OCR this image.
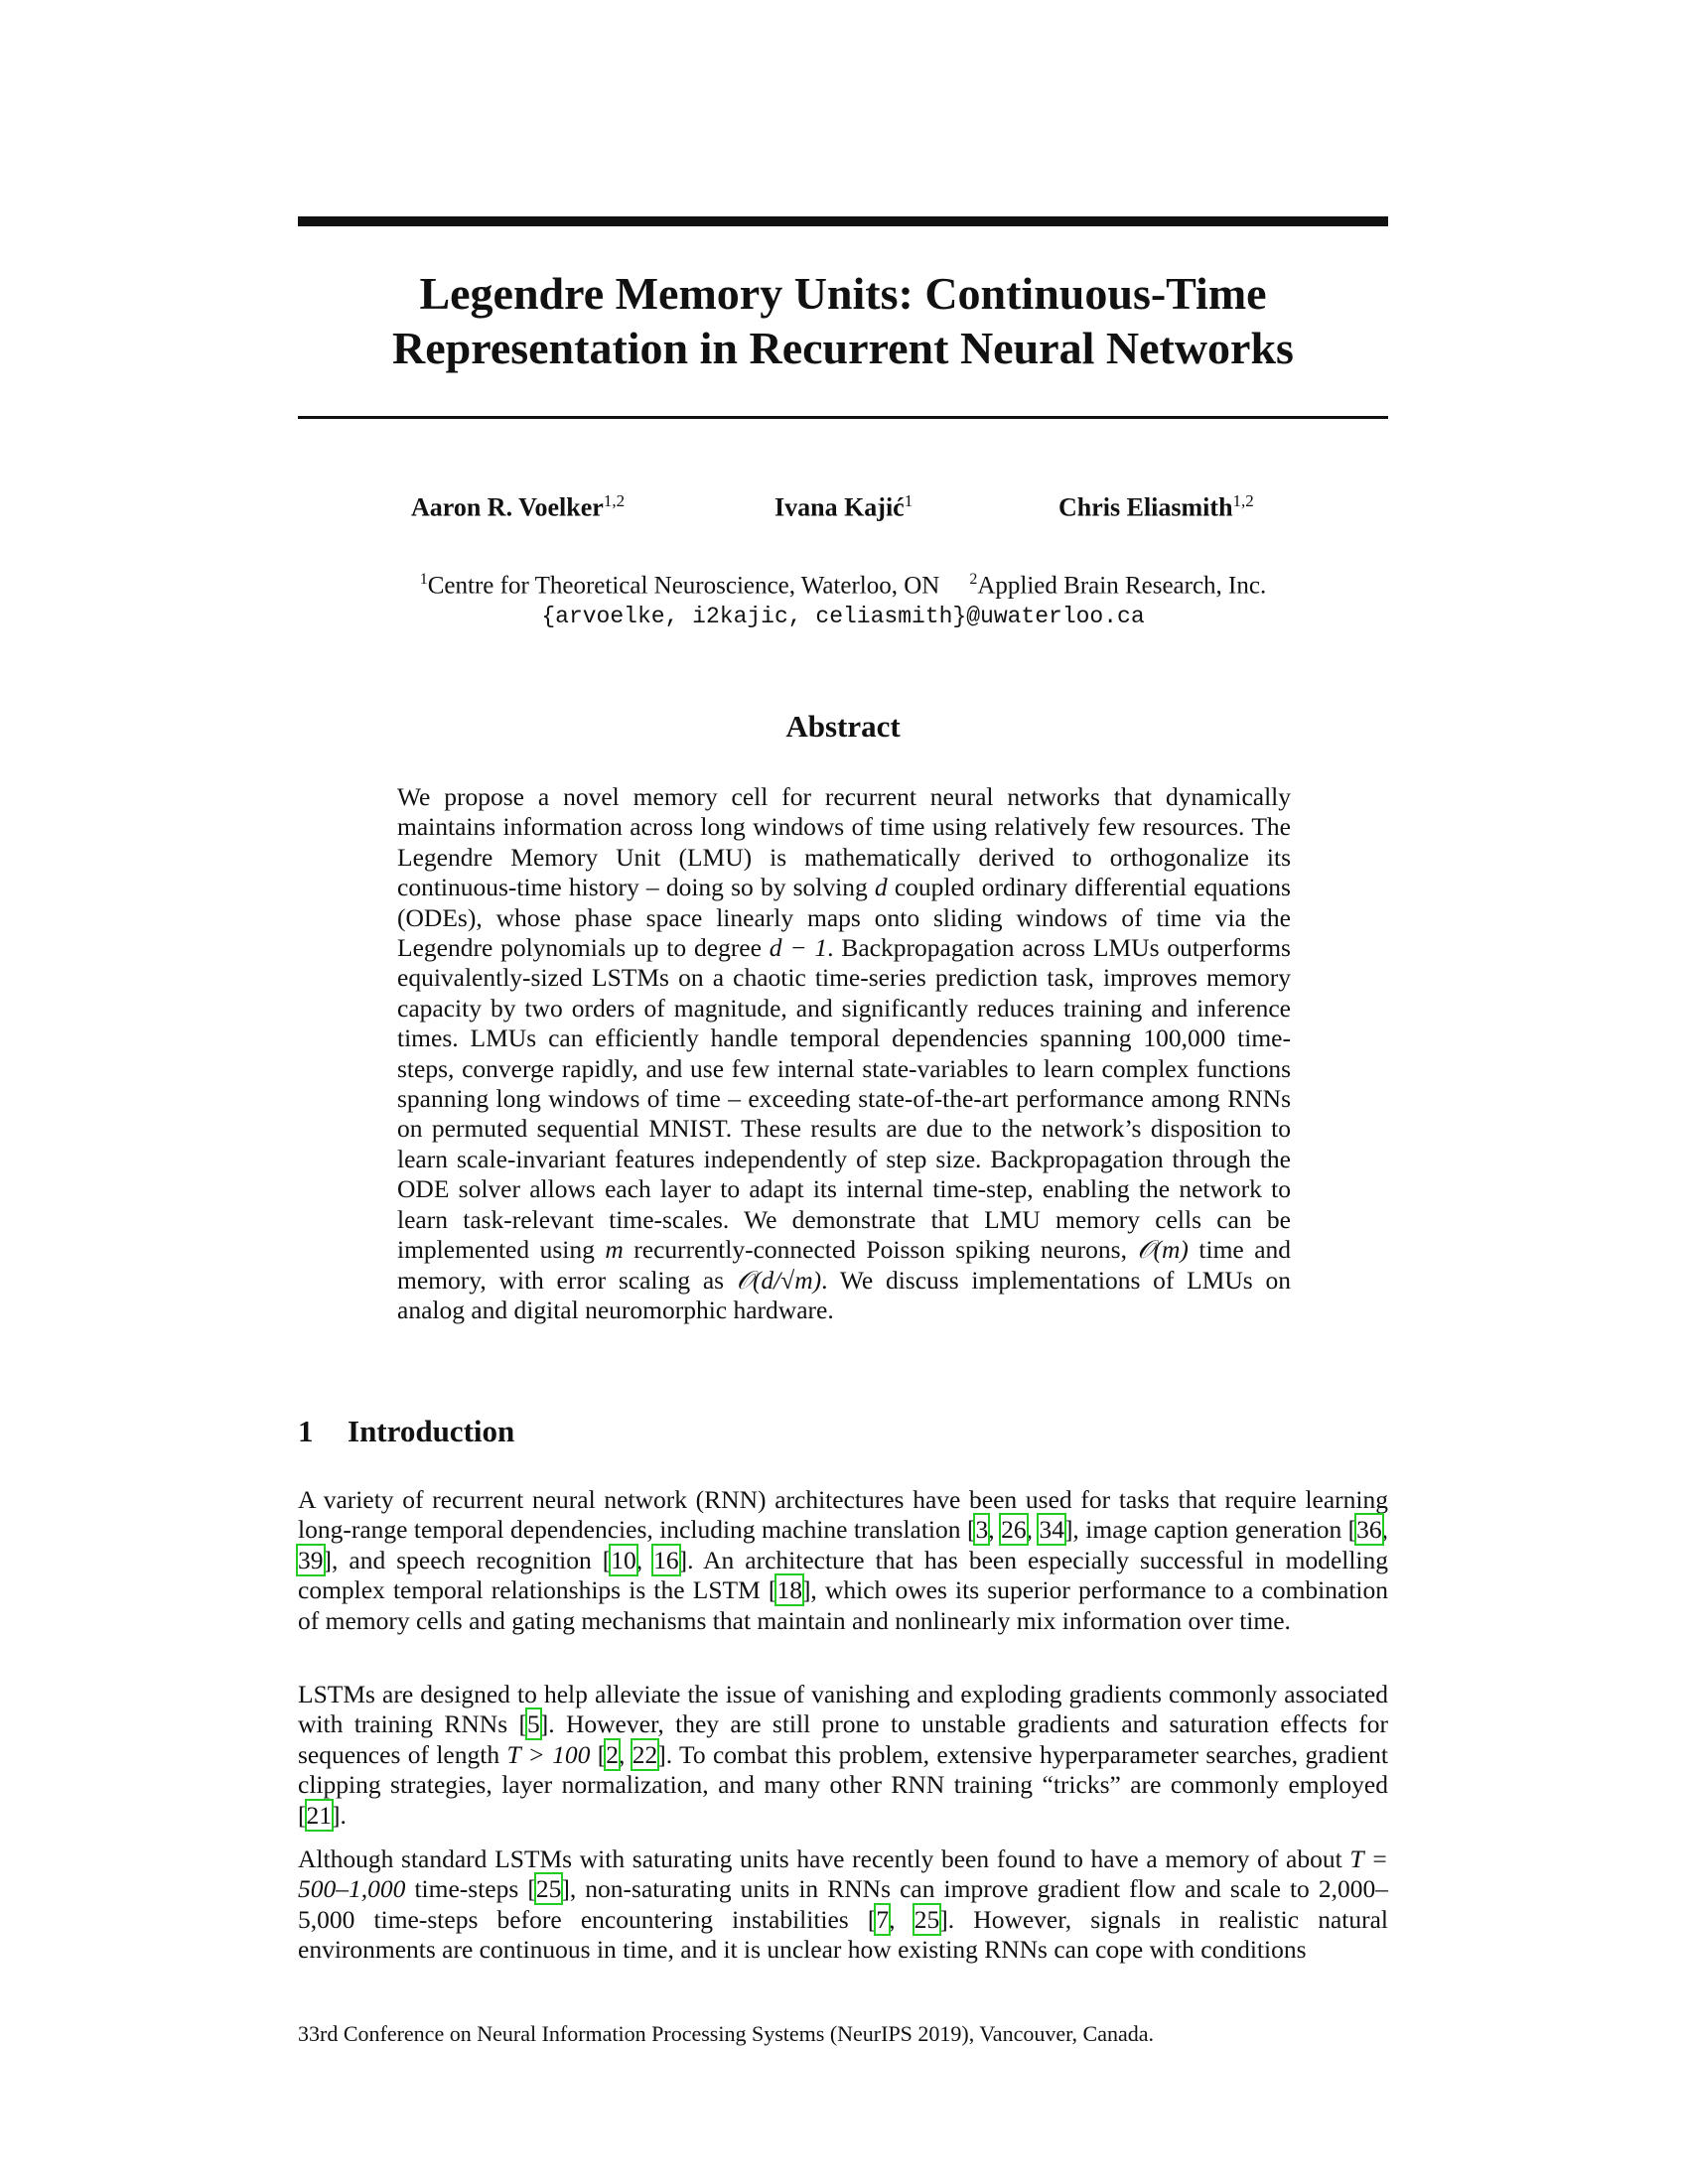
Legendre Memory Units: Continuous-Time
Representation in Recurrent Neural Networks
Aaron R. Voelker$^{1,2}$	Ivana Kajić$^1$	Chris Eliasmith$^{1,2}$
$^1$Centre for Theoretical Neuroscience, Waterloo, ON $^2$Applied Brain Research, Inc.
{arvoelke, i2kajic, celiasmith}@uwaterloo.ca
Abstract
We propose a novel memory cell for recurrent neural networks that dynamically maintains information across long windows of time using relatively few resources. The Legendre Memory Unit (LMU) is mathematically derived to orthogonalize its continuous-time history – doing so by solving d coupled ordinary differential equations (ODEs), whose phase space linearly maps onto sliding windows of time via the Legendre polynomials up to degree d − 1. Backpropagation across LMUs outperforms equivalently-sized LSTMs on a chaotic time-series prediction task, improves memory capacity by two orders of magnitude, and significantly reduces training and inference times. LMUs can efficiently handle temporal dependencies spanning 100,000 time-steps, converge rapidly, and use few internal state-variables to learn complex functions spanning long windows of time – exceeding state-of-the-art performance among RNNs on permuted sequential MNIST. These results are due to the network’s disposition to learn scale-invariant features independently of step size. Backpropagation through the ODE solver allows each layer to adapt its internal time-step, enabling the network to learn task-relevant time-scales. We demonstrate that LMU memory cells can be implemented using m recurrently-connected Poisson spiking neurons, 𝒪(m) time and memory, with error scaling as 𝒪(d/√m). We discuss implementations of LMUs on analog and digital neuromorphic hardware.
1 Introduction

A variety of recurrent neural network (RNN) architectures have been used for tasks that require learning long-range temporal dependencies, including machine translation [3, 26, 34], image caption generation [36, 39], and speech recognition [10, 16]. An architecture that has been especially successful in modelling complex temporal relationships is the LSTM [18], which owes its superior performance to a combination of memory cells and gating mechanisms that maintain and nonlinearly mix information over time.

LSTMs are designed to help alleviate the issue of vanishing and exploding gradients commonly associated with training RNNs [5]. However, they are still prone to unstable gradients and saturation effects for sequences of length T > 100 [2, 22]. To combat this problem, extensive hyperparameter searches, gradient clipping strategies, layer normalization, and many other RNN training “tricks” are commonly employed [21].

Although standard LSTMs with saturating units have recently been found to have a memory of about T = 500–1,000 time-steps [25], non-saturating units in RNNs can improve gradient flow and scale to 2,000–5,000 time-steps before encountering instabilities [7, 25]. However, signals in realistic natural environments are continuous in time, and it is unclear how existing RNNs can cope with conditions

33rd Conference on Neural Information Processing Systems (NeurIPS 2019), Vancouver, Canada.
